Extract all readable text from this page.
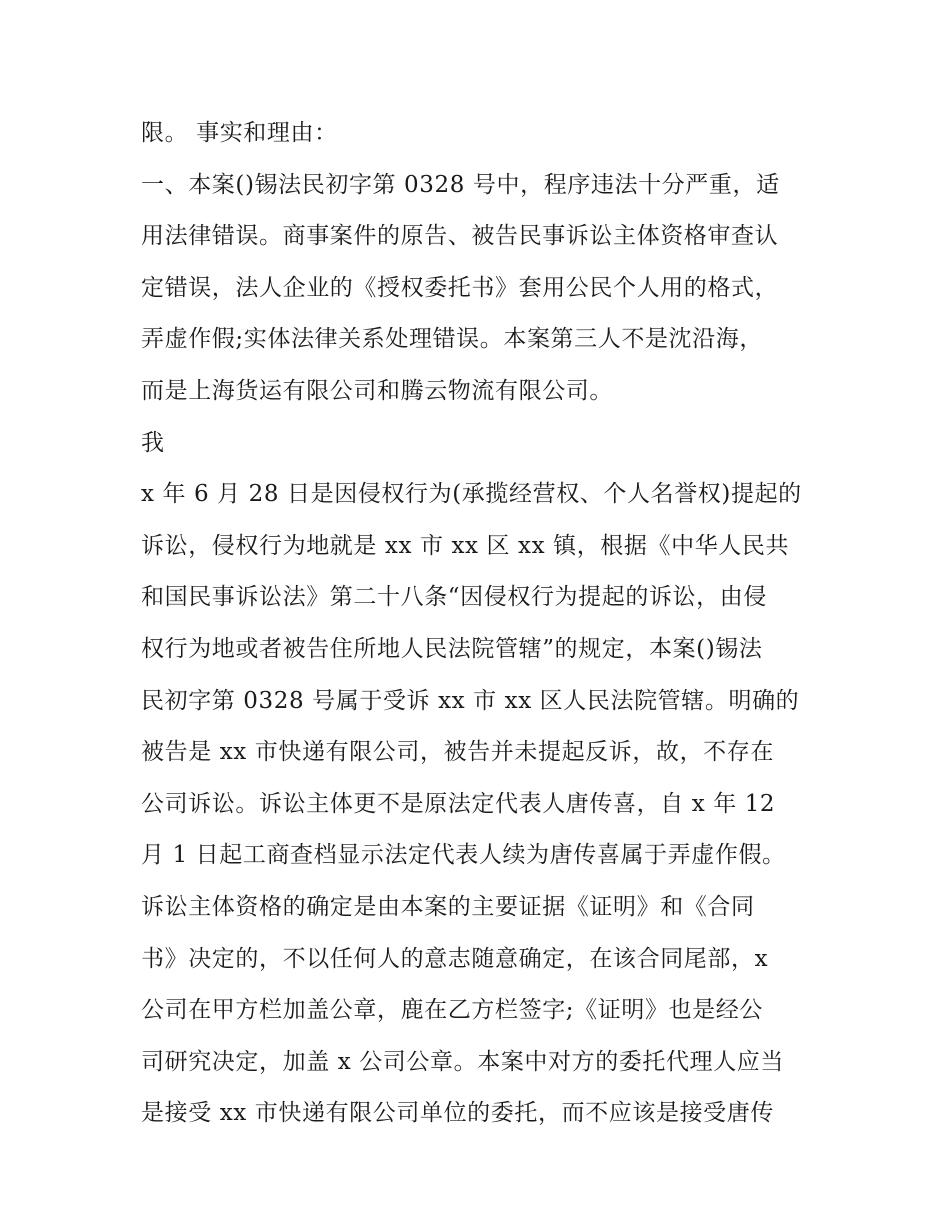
限。 事实和理由：
一、本案()锡法民初字第 0328 号中，程序违法十分严重，适
用法律错误。商事案件的原告、被告民事诉讼主体资格审查认
定错误，法人企业的《授权委托书》套用公民个人用的格式，
弄虚作假;实体法律关系处理错误。本案第三人不是沈沿海，
而是上海货运有限公司和腾云物流有限公司。
我
x 年 6 月 28 日是因侵权行为(承揽经营权、个人名誉权)提起的
诉讼，侵权行为地就是 xx 市 xx 区 xx 镇，根据《中华人民共
和国民事诉讼法》第二十八条“因侵权行为提起的诉讼，由侵
权行为地或者被告住所地人民法院管辖”的规定，本案()锡法
民初字第 0328 号属于受诉 xx 市 xx 区人民法院管辖。明确的
被告是 xx 市快递有限公司，被告并未提起反诉，故，不存在
公司诉讼。诉讼主体更不是原法定代表人唐传喜，自 x 年 12
月 1 日起工商查档显示法定代表人续为唐传喜属于弄虚作假。
诉讼主体资格的确定是由本案的主要证据《证明》和《合同
书》决定的，不以任何人的意志随意确定，在该合同尾部，x
公司在甲方栏加盖公章，鹿在乙方栏签字;《证明》也是经公
司研究决定，加盖 x 公司公章。本案中对方的委托代理人应当
是接受 xx 市快递有限公司单位的委托，而不应该是接受唐传
